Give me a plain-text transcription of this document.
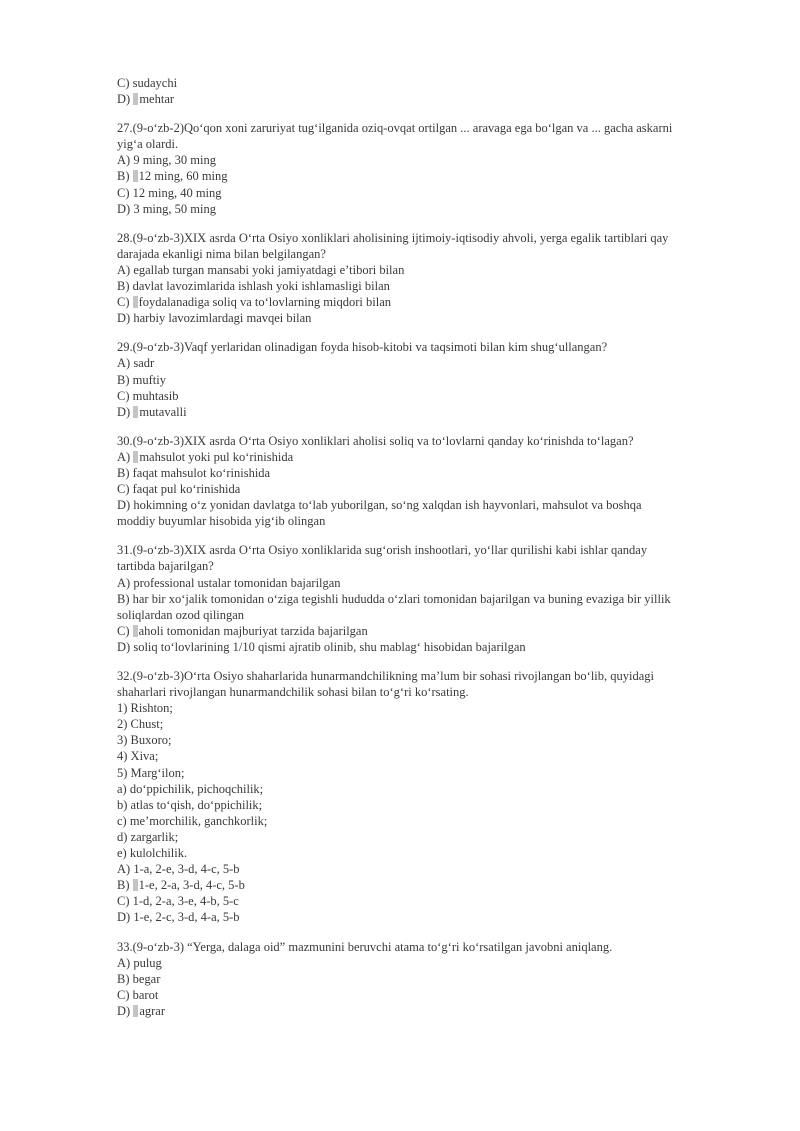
C) sudaychi
D) mehtar
27.(9-o‘zb-2)Qo‘qon xoni zaruriyat tug‘ilganida oziq-ovqat ortilgan ... aravaga ega bo‘lgan va ... gacha askarni
yig‘a olardi.
A) 9 ming, 30 ming
B) 12 ming, 60 ming
C) 12 ming, 40 ming
D) 3 ming, 50 ming
28.(9-o‘zb-3)XIX asrda O‘rta Osiyo xonliklari aholisining ijtimoiy-iqtisodiy ahvoli, yerga egalik tartiblari qay
darajada ekanligi nima bilan belgilangan?
A) egallab turgan mansabi yoki jamiyatdagi e’tibori bilan
B) davlat lavozimlarida ishlash yoki ishlamasligi bilan
C) foydalanadiga soliq va to‘lovlarning miqdori bilan
D) harbiy lavozimlardagi mavqei bilan
29.(9-o‘zb-3)Vaqf yerlaridan olinadigan foyda hisob-kitobi va taqsimoti bilan kim shug‘ullangan?
A) sadr
B) muftiy
C) muhtasib
D) mutavalli
30.(9-o‘zb-3)XIX asrda O‘rta Osiyo xonliklari aholisi soliq va to‘lovlarni qanday ko‘rinishda to‘lagan?
A) mahsulot yoki pul ko‘rinishida
B) faqat mahsulot ko‘rinishida
C) faqat pul ko‘rinishida
D) hokimning o‘z yonidan davlatga to‘lab yuborilgan, so‘ng xalqdan ish hayvonlari, mahsulot va boshqa
moddiy buyumlar hisobida yig‘ib olingan
31.(9-o‘zb-3)XIX asrda O‘rta Osiyo xonliklarida sug‘orish inshootlari, yo‘llar qurilishi kabi ishlar qanday
tartibda bajarilgan?
A) professional ustalar tomonidan bajarilgan
B) har bir xo‘jalik tomonidan o‘ziga tegishli hududda o‘zlari tomonidan bajarilgan va buning evaziga bir yillik
soliqlardan ozod qilingan
C) aholi tomonidan majburiyat tarzida bajarilgan
D) soliq to‘lovlarining 1/10 qismi ajratib olinib, shu mablag‘ hisobidan bajarilgan
32.(9-o‘zb-3)O‘rta Osiyo shaharlarida hunarmandchilikning ma’lum bir sohasi rivojlangan bo‘lib, quyidagi
shaharlari rivojlangan hunarmandchilik sohasi bilan to‘g‘ri ko‘rsating.
1) Rishton;
2) Chust;
3) Buxoro;
4) Xiva;
5) Marg‘ilon;
a) do‘ppichilik, pichoqchilik;
b) atlas to‘qish, do‘ppichilik;
c) me’morchilik, ganchkorlik;
d) zargarlik;
e) kulolchilik.
A) 1-a, 2-e, 3-d, 4-c, 5-b
B) 1-e, 2-a, 3-d, 4-c, 5-b
C) 1-d, 2-a, 3-e, 4-b, 5-c
D) 1-e, 2-c, 3-d, 4-a, 5-b
33.(9-o‘zb-3) “Yerga, dalaga oid” mazmunini beruvchi atama to‘g‘ri ko‘rsatilgan javobni aniqlang.
A) pulug
B) begar
C) barot
D) agrar
